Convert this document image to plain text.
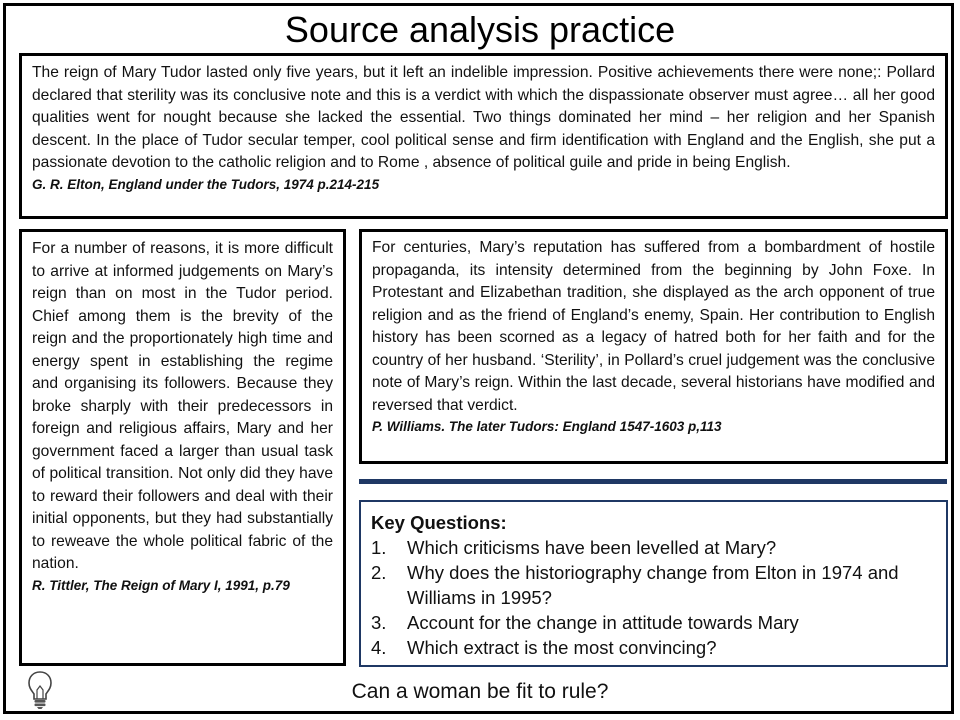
Source analysis practice

The reign of Mary Tudor lasted only five years, but it left an indelible impression. Positive achievements there were none;: Pollard declared that sterility was its conclusive note and this is a verdict with which the dispassionate observer must agree… all her good qualities went for nought because she lacked the essential. Two things dominated her mind – her religion and her Spanish descent. In the place of Tudor secular temper, cool political sense and firm identification with England and the English, she put a passionate devotion to the catholic religion and to Rome , absence of political guile and pride in being English.

G. R. Elton, England under the Tudors, 1974 p.214-215

For a number of reasons, it is more difficult to arrive at informed judgements on Mary’s reign than on most in the Tudor period. Chief among them is the brevity of the reign and the proportionately high time and energy spent in establishing the regime and organising its followers. Because they broke sharply with their predecessors in foreign and religious affairs, Mary and her government faced a larger than usual task of political transition. Not only did they have to reward their followers and deal with their initial opponents, but they had substantially to reweave the whole political fabric of the nation.

R. Tittler, The Reign of Mary I, 1991, p.79

For centuries, Mary’s reputation has suffered from a bombardment of hostile propaganda, its intensity determined from the beginning by John Foxe. In Protestant and Elizabethan tradition, she displayed as the arch opponent of true religion and as the friend of England’s enemy, Spain. Her contribution to English history has been scorned as a legacy of hatred both for her faith and for the country of her husband. ‘Sterility’, in Pollard’s cruel judgement was the conclusive note of Mary’s reign. Within the last decade, several historians have modified and reversed that verdict.

P. Williams. The later Tudors: England 1547-1603 p,113
Key Questions:
1.	Which criticisms have been levelled at Mary?
2.	Why does the historiography change from Elton in 1974 and Williams in 1995?
3.	Account for the change in attitude towards Mary
4.	Which extract is the most convincing?
Can a woman be fit to rule?
